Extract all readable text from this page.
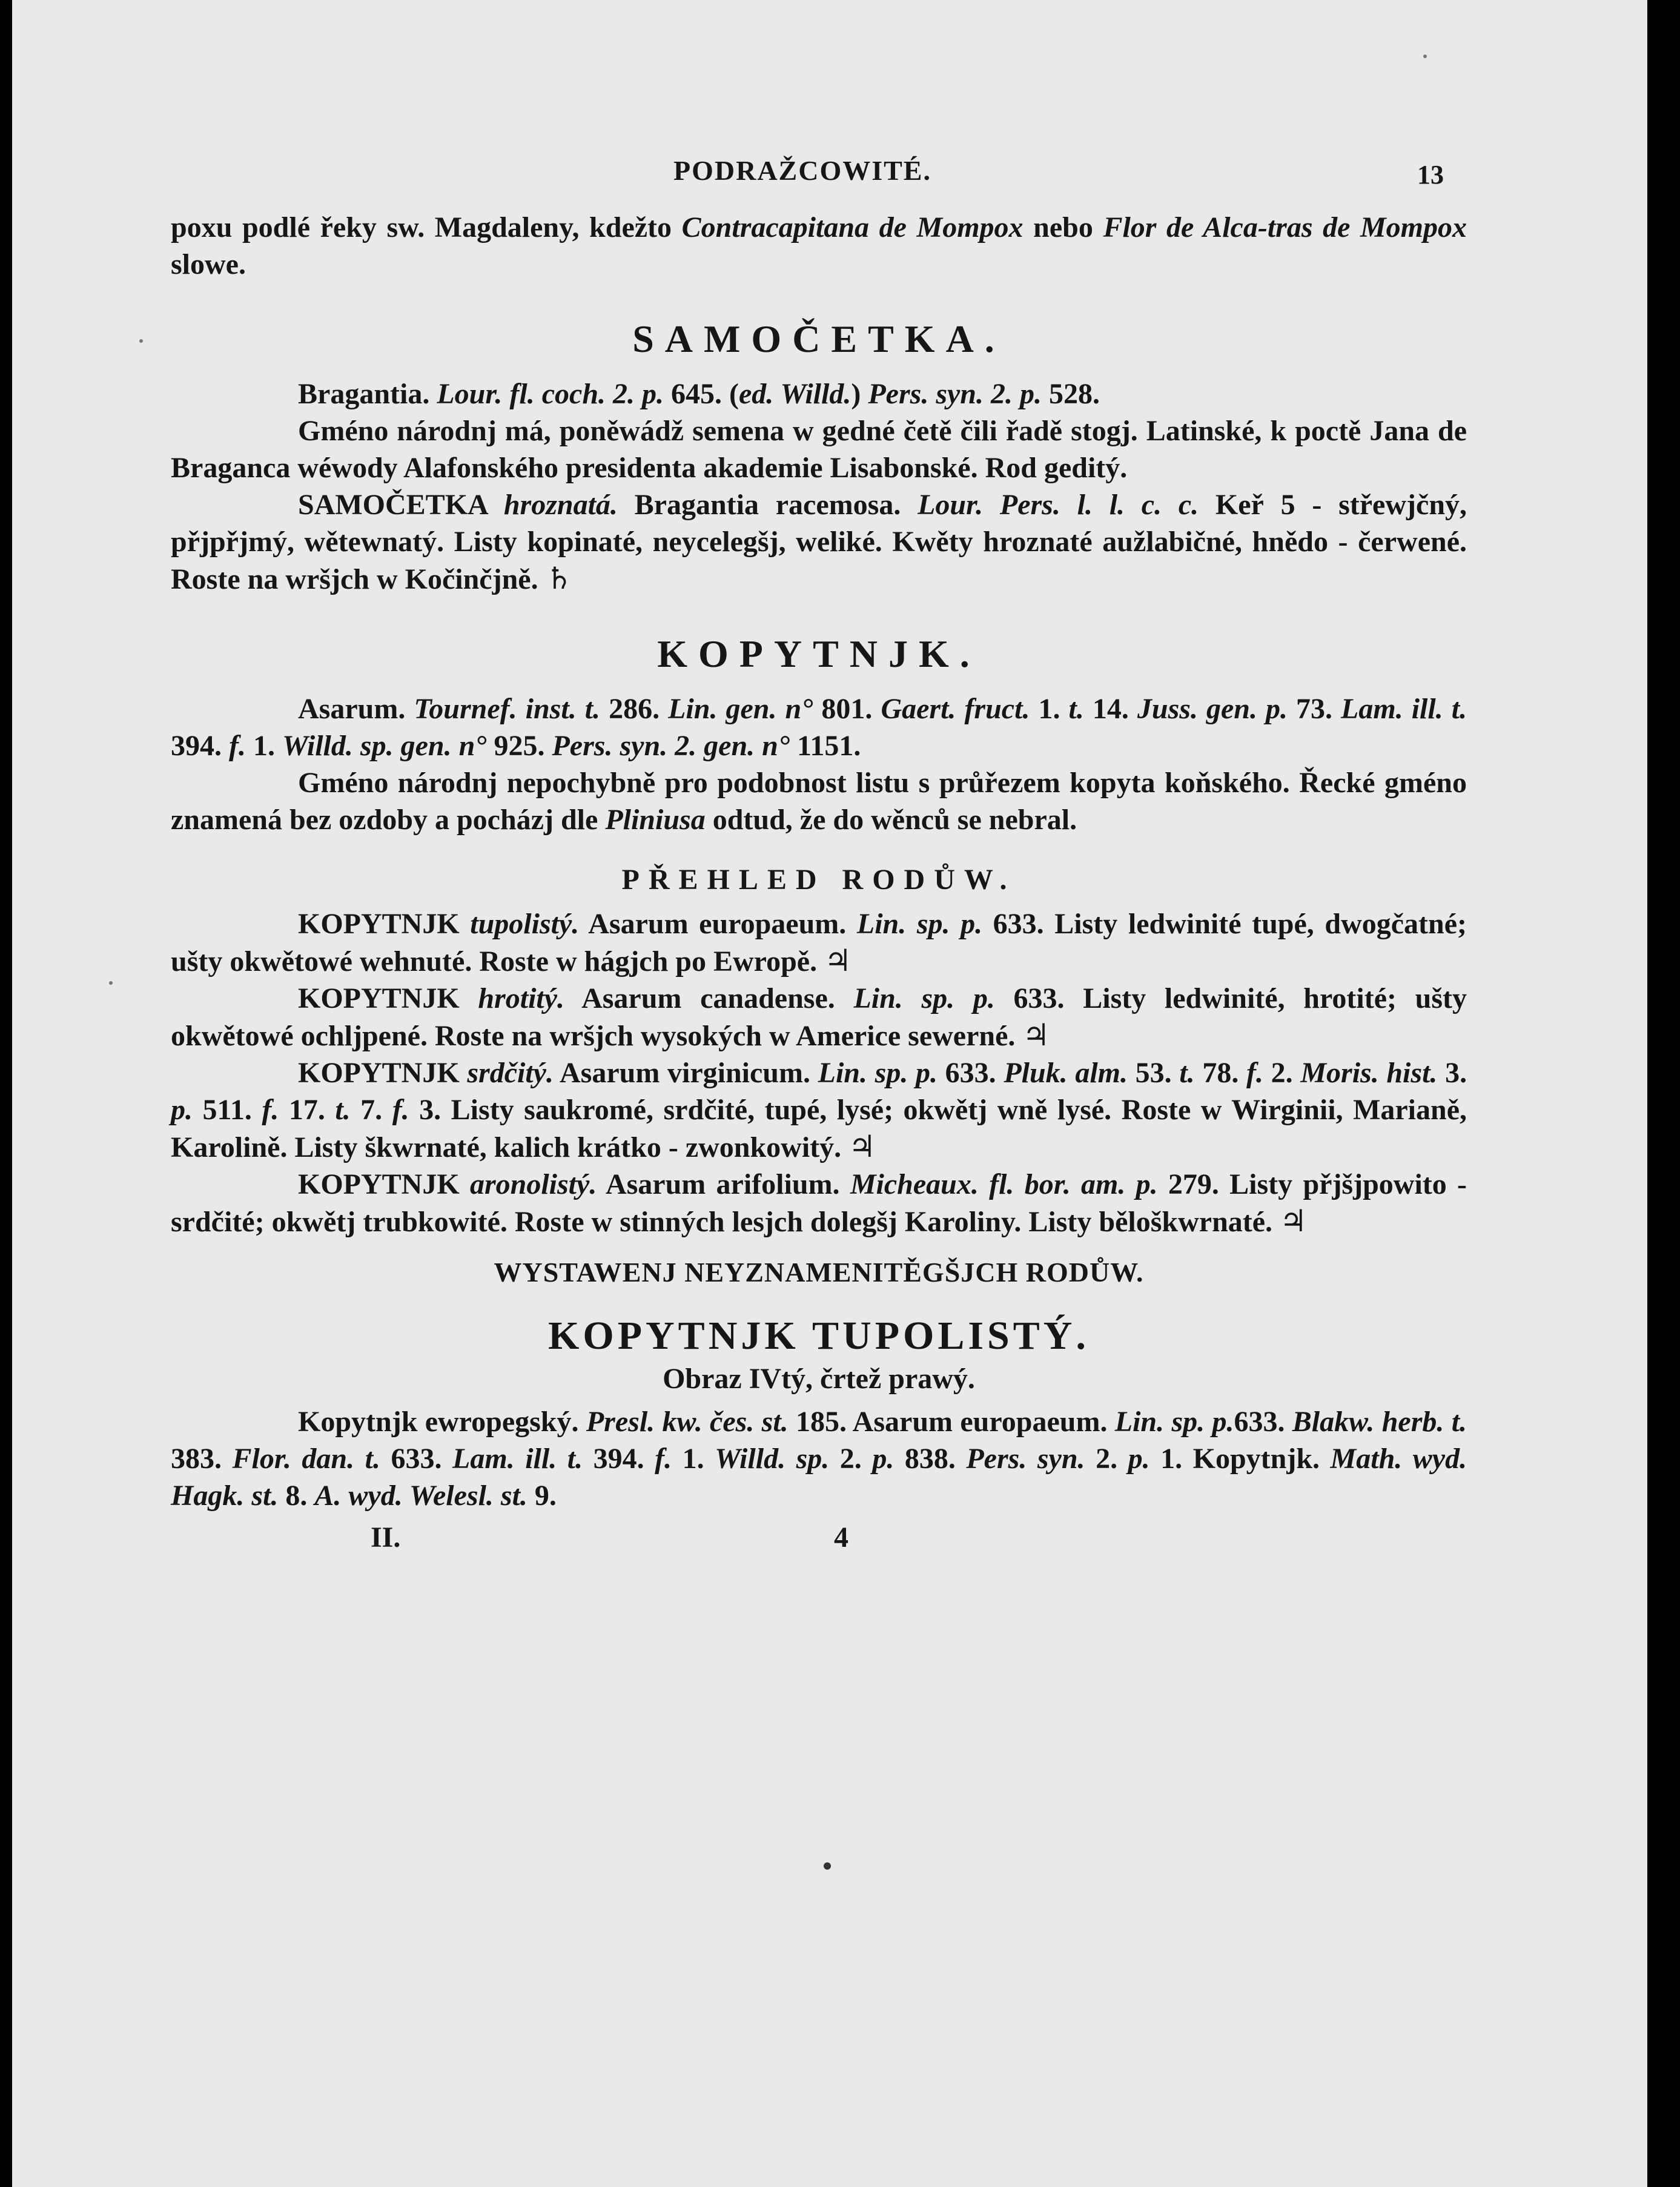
PODRAŽCOWITÉ.	13

poxu podlé řeky sw. Magdaleny, kdežto Contracapitana de Mompox nebo Flor de Alca-tras de Mompox slowe.

SAMOČETKA.

Bragantia. Lour. fl. coch. 2. p. 645. (ed. Willd.) Pers. syn. 2. p. 528.

Gméno národnj má, poněwádž semena w gedné četě čili řadě stogj. Latinské, k poctě Jana de Braganca wéwody Alafonského presidenta akademie Lisabonské. Rod geditý.

SAMOČETKA hroznatá. Bragantia racemosa. Lour. Pers. l. l. c. c. Keř 5 - střewjčný, přjpřjmý, wětewnatý. Listy kopinaté, neycelegšj, weliké. Kwěty hroznaté aužlabičné, hnědo - čerwené. Roste na wršjch w Kočinčjně. ♄

KOPYTNJK.

Asarum. Tournef. inst. t. 286. Lin. gen. n° 801. Gaert. fruct. 1. t. 14. Juss. gen. p. 73. Lam. ill. t. 394. f. 1. Willd. sp. gen. n° 925. Pers. syn. 2. gen. n° 1151.

Gméno národnj nepochybně pro podobnost listu s průřezem kopyta koňského. Řecké gméno znamená bez ozdoby a pocházj dle Pliniusa odtud, že do wěnců se nebral.

PŘEHLED RODŮW.

KOPYTNJK tupolistý. Asarum europaeum. Lin. sp. p. 633. Listy ledwinité tupé, dwogčatné; ušty okwětowé wehnuté. Roste w hágjch po Ewropě. ♃

KOPYTNJK hrotitý. Asarum canadense. Lin. sp. p. 633. Listy ledwinité, hrotité; ušty okwětowé ochljpené. Roste na wršjch wysokých w Americe sewerné. ♃

KOPYTNJK srdčitý. Asarum virginicum. Lin. sp. p. 633. Pluk. alm. 53. t. 78. f. 2. Moris. hist. 3. p. 511. f. 17. t. 7. f. 3. Listy saukromé, srdčité, tupé, lysé; okwětj wně lysé. Roste w Wirginii, Marianě, Karolině. Listy škwrnaté, kalich krátko - zwonkowitý. ♃

KOPYTNJK aronolistý. Asarum arifolium. Micheaux. fl. bor. am. p. 279. Listy přjšjpowito - srdčité; okwětj trubkowité. Roste w stinných lesjch dolegšj Karoliny. Listy běloškwrnaté. ♃

WYSTAWENJ NEYZNAMENITĚGŠJCH RODŮW.
KOPYTNJK TUPOLISTÝ.
Obraz IVtý, črtež prawý.

Kopytnjk ewropegský. Presl. kw. čes. st. 185. Asarum europaeum. Lin. sp. p.633. Blakw. herb. t. 383. Flor. dan. t. 633. Lam. ill. t. 394. f. 1. Willd. sp. 2. p. 838. Pers. syn. 2. p. 1. Kopytnjk. Math. wyd. Hagk. st. 8. A. wyd. Welesl. st. 9.

II.	4
